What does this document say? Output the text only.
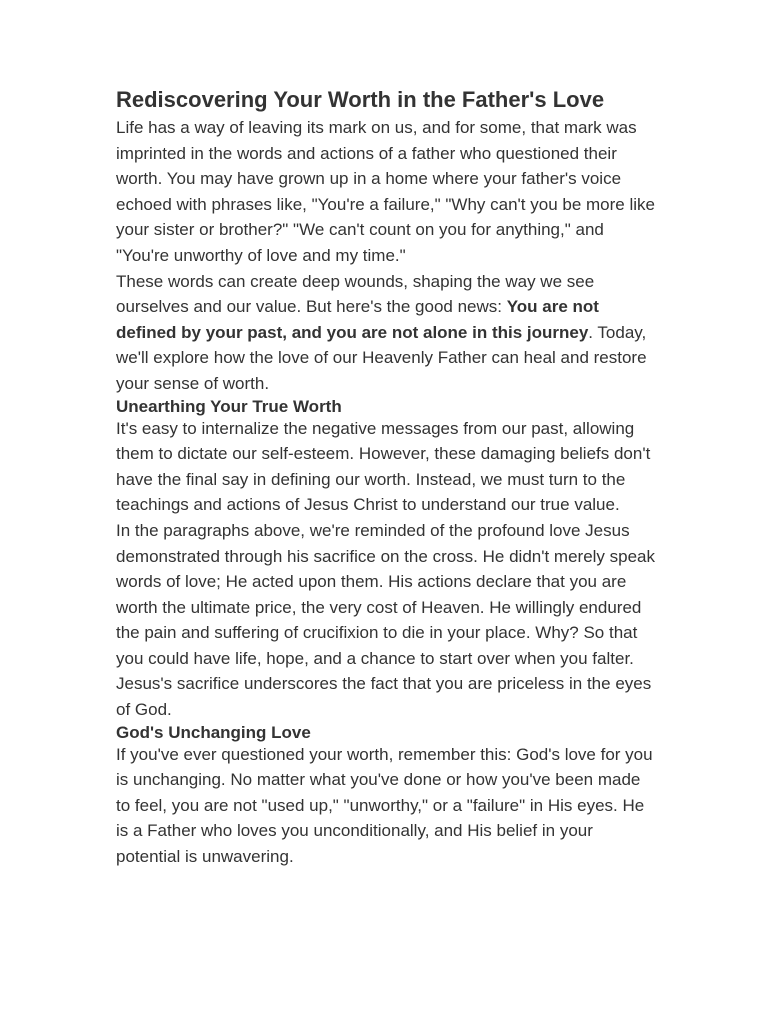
Rediscovering Your Worth in the Father's Love

Life has a way of leaving its mark on us, and for some, that mark was imprinted in the words and actions of a father who questioned their worth. You may have grown up in a home where your father's voice echoed with phrases like, "You're a failure," "Why can't you be more like your sister or brother?" "We can't count on you for anything," and "You're unworthy of love and my time."

These words can create deep wounds, shaping the way we see ourselves and our value. But here's the good news: You are not defined by your past, and you are not alone in this journey. Today, we'll explore how the love of our Heavenly Father can heal and restore your sense of worth.

Unearthing Your True Worth

It's easy to internalize the negative messages from our past, allowing them to dictate our self-esteem. However, these damaging beliefs don't have the final say in defining our worth. Instead, we must turn to the teachings and actions of Jesus Christ to understand our true value.

In the paragraphs above, we're reminded of the profound love Jesus demonstrated through his sacrifice on the cross. He didn't merely speak words of love; He acted upon them. His actions declare that you are worth the ultimate price, the very cost of Heaven. He willingly endured the pain and suffering of crucifixion to die in your place. Why? So that you could have life, hope, and a chance to start over when you falter. Jesus's sacrifice underscores the fact that you are priceless in the eyes of God.

God's Unchanging Love

If you've ever questioned your worth, remember this: God's love for you is unchanging. No matter what you've done or how you've been made to feel, you are not "used up," "unworthy," or a "failure" in His eyes. He is a Father who loves you unconditionally, and His belief in your potential is unwavering.
